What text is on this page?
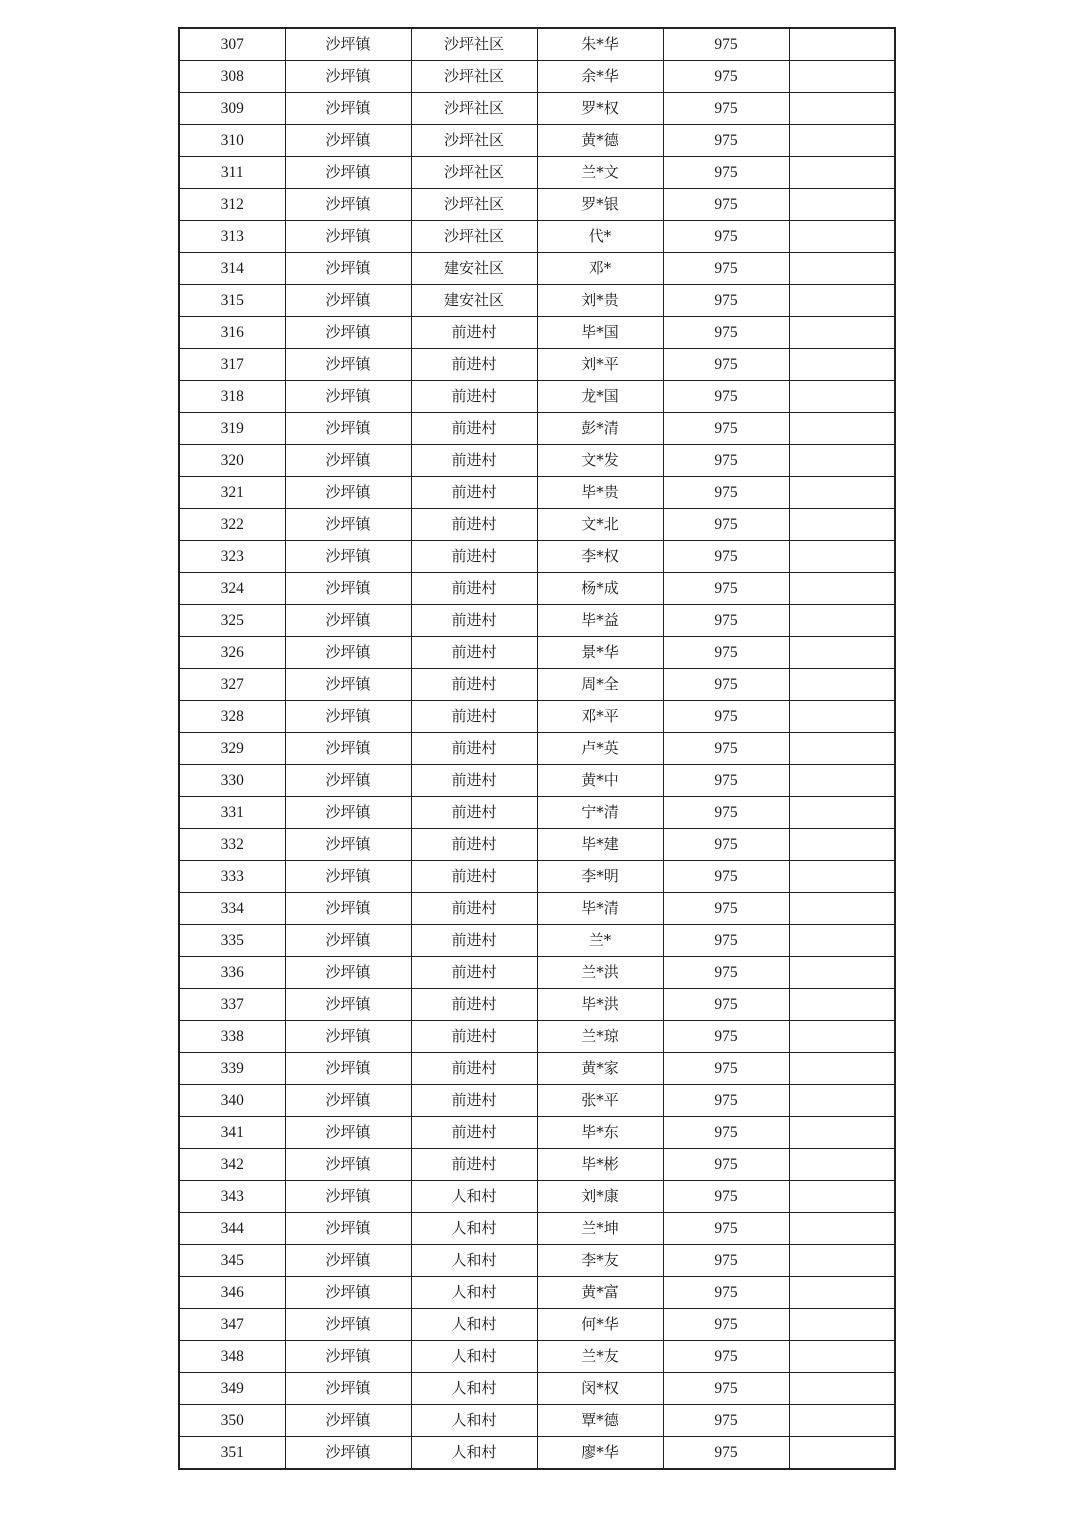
307	沙坪镇	沙坪社区	朱*华	975	
308	沙坪镇	沙坪社区	余*华	975	
309	沙坪镇	沙坪社区	罗*权	975	
310	沙坪镇	沙坪社区	黄*德	975	
311	沙坪镇	沙坪社区	兰*文	975	
312	沙坪镇	沙坪社区	罗*银	975	
313	沙坪镇	沙坪社区	代*	975	
314	沙坪镇	建安社区	邓*	975	
315	沙坪镇	建安社区	刘*贵	975	
316	沙坪镇	前进村	毕*国	975	
317	沙坪镇	前进村	刘*平	975	
318	沙坪镇	前进村	龙*国	975	
319	沙坪镇	前进村	彭*清	975	
320	沙坪镇	前进村	文*发	975	
321	沙坪镇	前进村	毕*贵	975	
322	沙坪镇	前进村	文*北	975	
323	沙坪镇	前进村	李*权	975	
324	沙坪镇	前进村	杨*成	975	
325	沙坪镇	前进村	毕*益	975	
326	沙坪镇	前进村	景*华	975	
327	沙坪镇	前进村	周*全	975	
328	沙坪镇	前进村	邓*平	975	
329	沙坪镇	前进村	卢*英	975	
330	沙坪镇	前进村	黄*中	975	
331	沙坪镇	前进村	宁*清	975	
332	沙坪镇	前进村	毕*建	975	
333	沙坪镇	前进村	李*明	975	
334	沙坪镇	前进村	毕*清	975	
335	沙坪镇	前进村	兰*	975	
336	沙坪镇	前进村	兰*洪	975	
337	沙坪镇	前进村	毕*洪	975	
338	沙坪镇	前进村	兰*琼	975	
339	沙坪镇	前进村	黄*家	975	
340	沙坪镇	前进村	张*平	975	
341	沙坪镇	前进村	毕*东	975	
342	沙坪镇	前进村	毕*彬	975	
343	沙坪镇	人和村	刘*康	975	
344	沙坪镇	人和村	兰*坤	975	
345	沙坪镇	人和村	李*友	975	
346	沙坪镇	人和村	黄*富	975	
347	沙坪镇	人和村	何*华	975	
348	沙坪镇	人和村	兰*友	975	
349	沙坪镇	人和村	闵*权	975	
350	沙坪镇	人和村	覃*德	975	
351	沙坪镇	人和村	廖*华	975	
